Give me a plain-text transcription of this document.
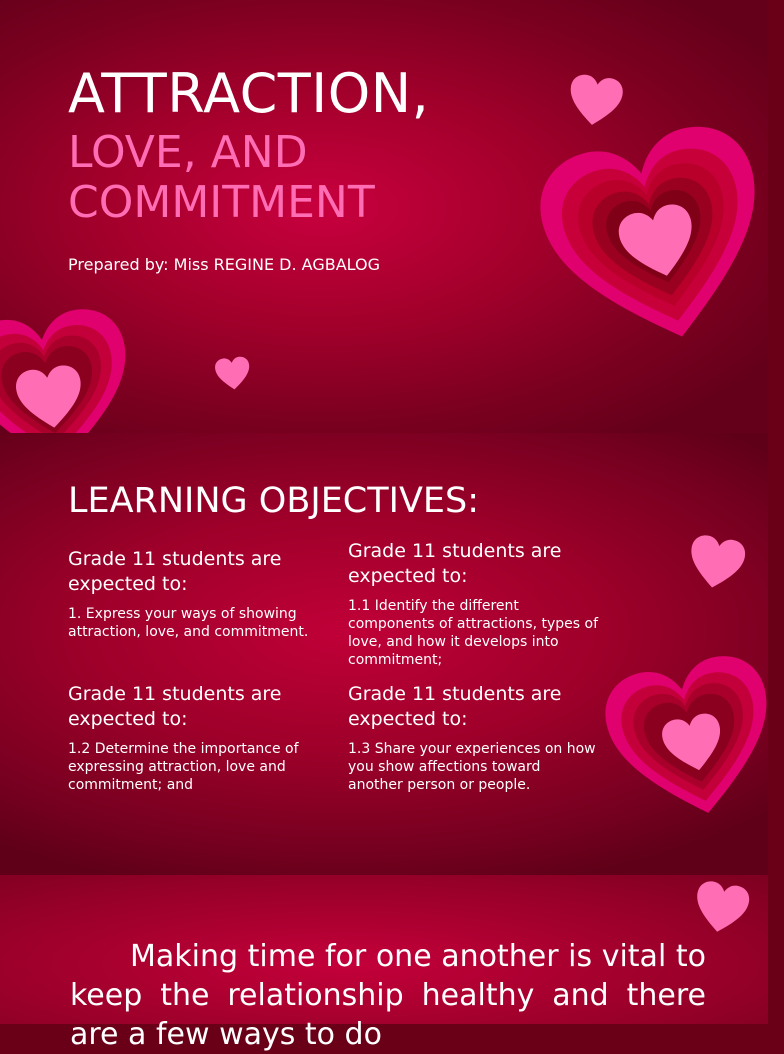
ATTRACTION,
LOVE, AND COMMITMENT
Prepared by: Miss REGINE D. AGBALOG
LEARNING OBJECTIVES:
Grade 11 students are expected to:
1. Express your ways of showing attraction, love, and commitment.
Grade 11 students are expected to:
1.1 Identify the different components of attractions, types of love, and how it develops into commitment;
Grade 11 students are expected to:
1.2 Determine the importance of expressing attraction, love and commitment; and
Grade 11 students are expected to:
1.3 Share your experiences on how you show affections toward another person or people.
  Making time for one another is vital to keep the relationship healthy and there are a few ways to do
